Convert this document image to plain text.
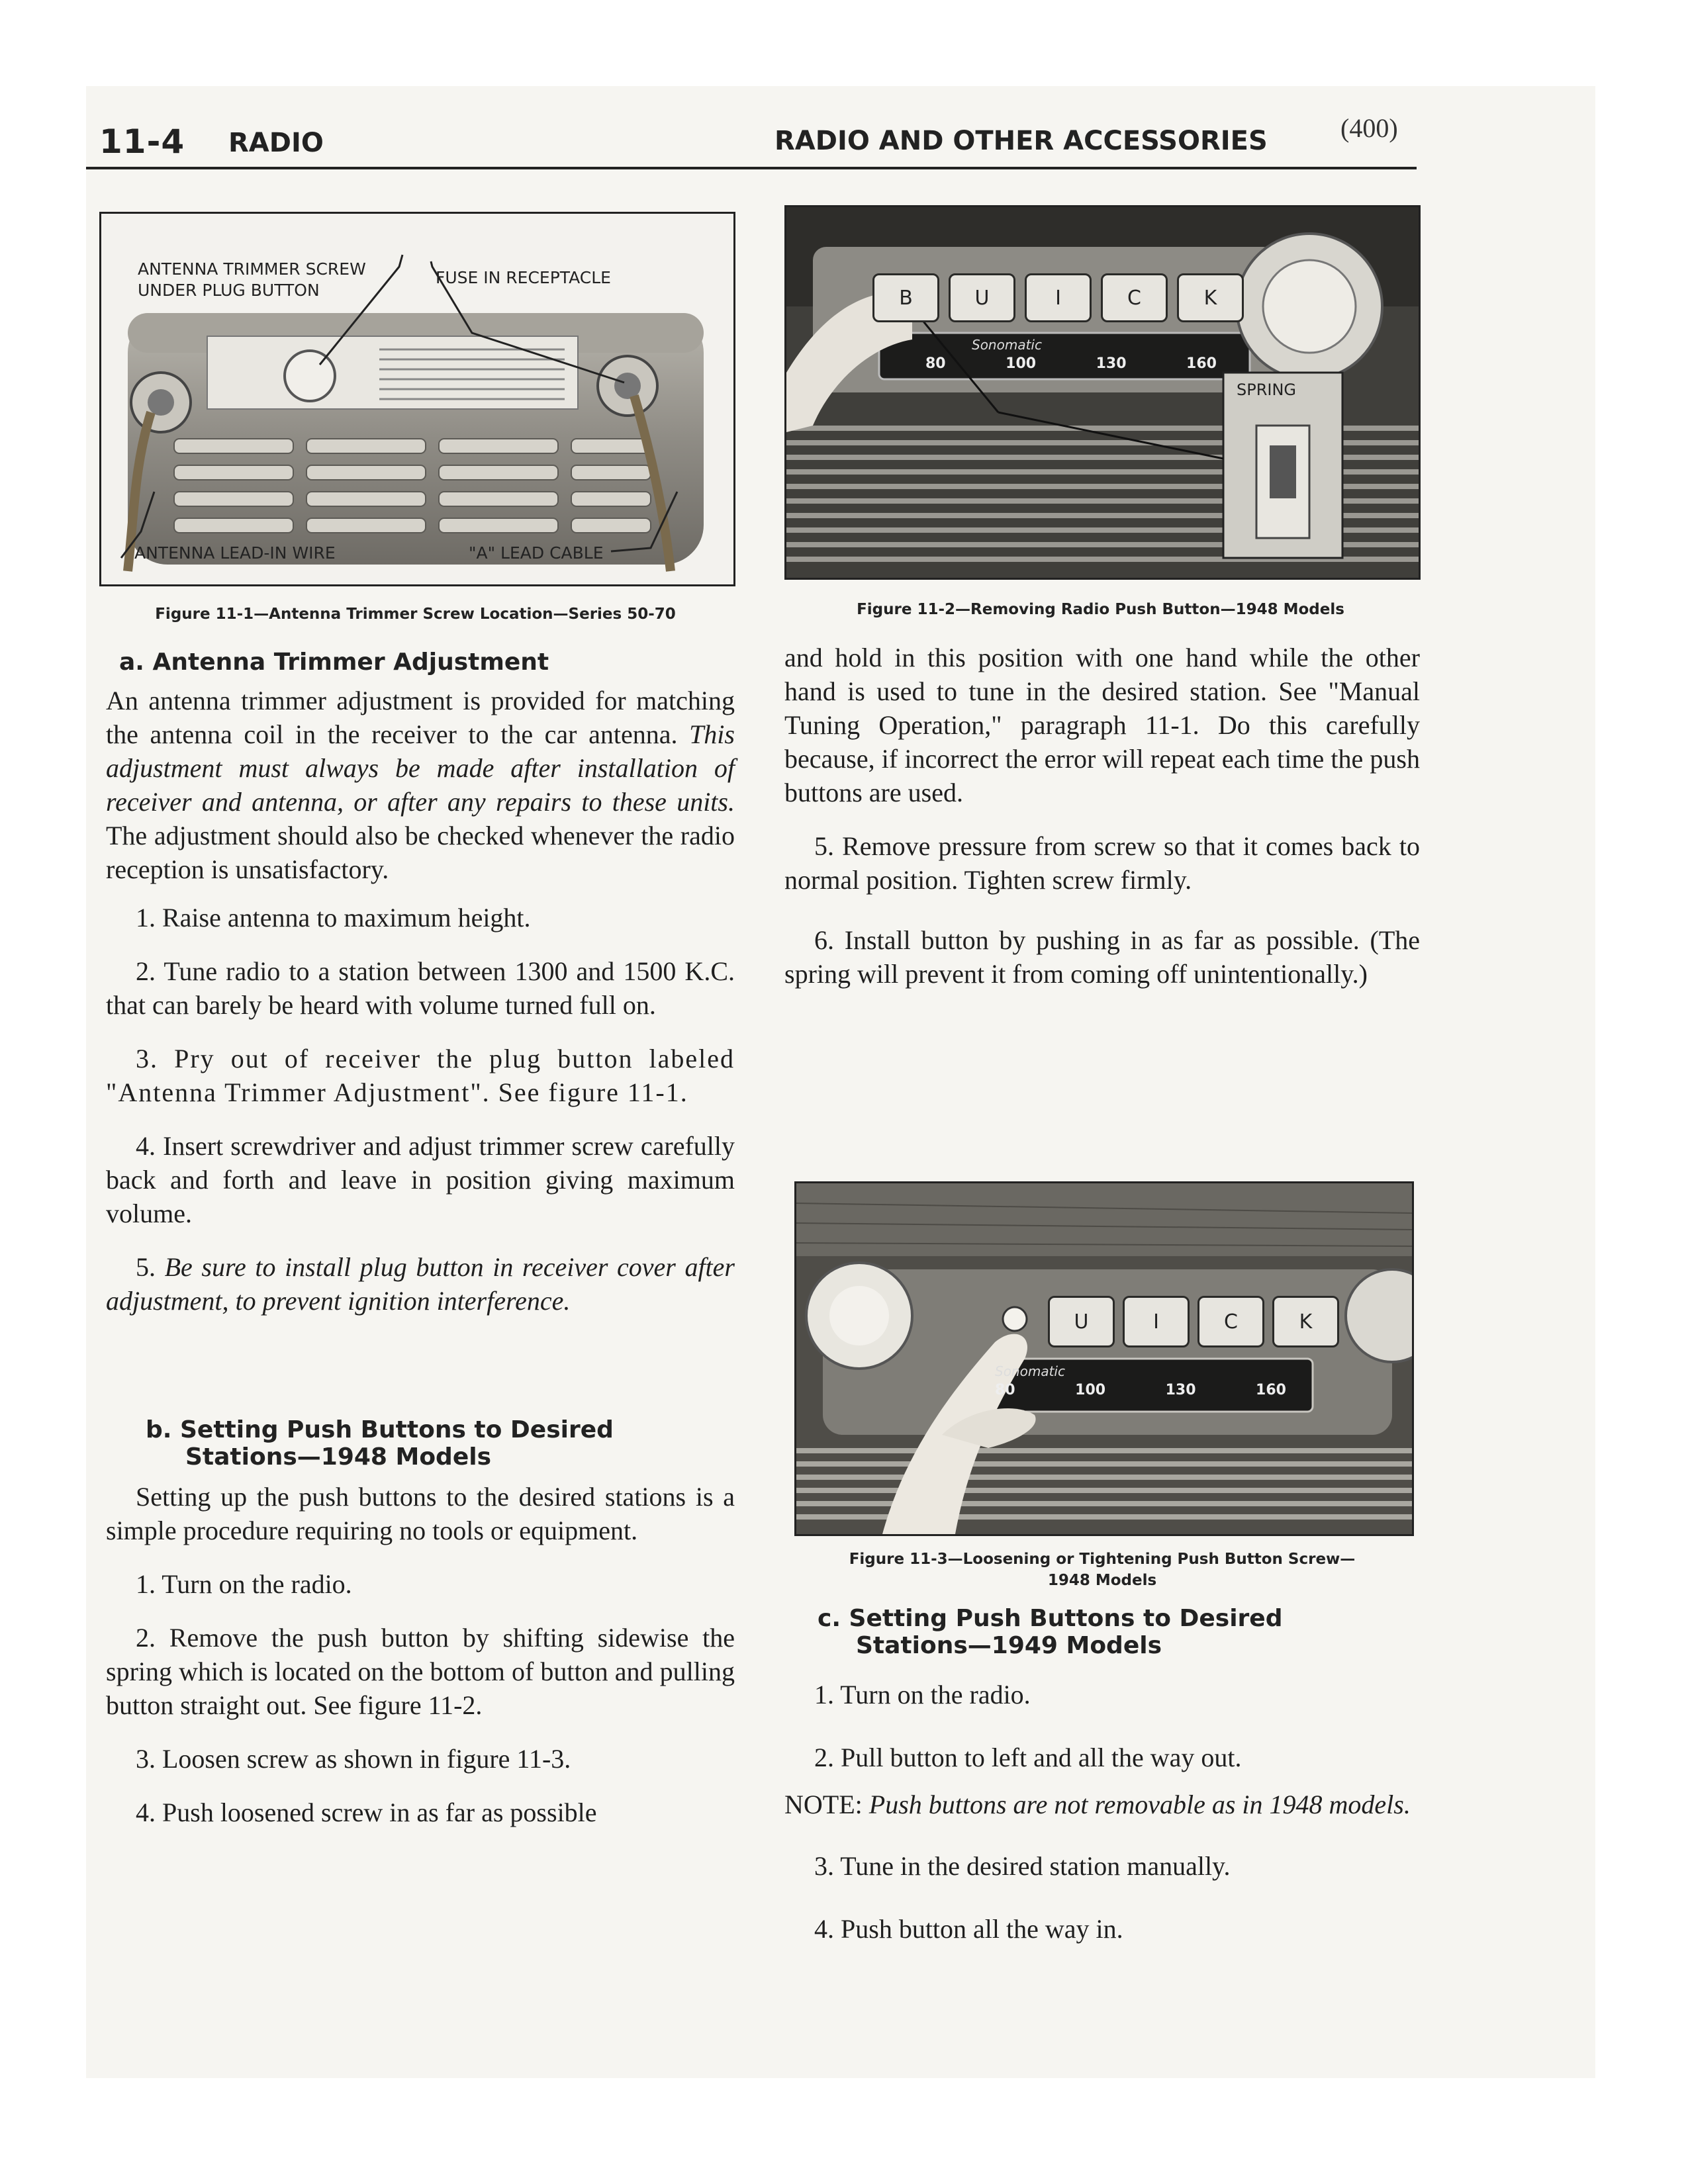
11-4 RADIO	RADIO AND OTHER ACCESSORIES	(400)
ANTENNA TRIMMER SCREW
UNDER PLUG BUTTON
FUSE IN RECEPTACLE
ANTENNA LEAD-IN WIRE	"A" LEAD CABLE
Figure 11-1—Antenna Trimmer Screw Location—Series 50-70
a. Antenna Trimmer Adjustment

An antenna trimmer adjustment is provided for matching the antenna coil in the receiver to the car antenna. This adjustment must always be made after installation of receiver and antenna, or after any repairs to these units. The adjustment should also be checked whenever the radio reception is unsatisfactory.

1. Raise antenna to maximum height.

2. Tune radio to a station between 1300 and 1500 K.C. that can barely be heard with volume turned full on.

3. Pry out of receiver the plug button labeled "Antenna Trimmer Adjustment". See figure 11-1.

4. Insert screwdriver and adjust trimmer screw carefully back and forth and leave in position giving maximum volume.

5. Be sure to install plug button in receiver cover after adjustment, to prevent ignition interference.

b. Setting Push Buttons to Desired
Stations—1948 Models

Setting up the push buttons to the desired stations is a simple procedure requiring no tools or equipment.

1. Turn on the radio.

2. Remove the push button by shifting sidewise the spring which is located on the bottom of button and pulling button straight out. See figure 11-2.

3. Loosen screw as shown in figure 11-3.

4. Push loosened screw in as far as possible

B	U	I	C	K
Sonomatic
80	100	130	160
SPRING
Figure 11-2—Removing Radio Push Button—1948 Models

and hold in this position with one hand while the other hand is used to tune in the desired station. See "Manual Tuning Operation," paragraph 11-1. Do this carefully because, if incorrect the error will repeat each time the push buttons are used.

5. Remove pressure from screw so that it comes back to normal position. Tighten screw firmly.

6. Install button by pushing in as far as possible. (The spring will prevent it from coming off unintentionally.)

U	I	C	K
Sonomatic
80	100	130	160
Figure 11-3—Loosening or Tightening Push Button Screw—
1948 Models
c. Setting Push Buttons to Desired
Stations—1949 Models

1. Turn on the radio.

2. Pull button to left and all the way out.

NOTE: Push buttons are not removable as in 1948 models.

3. Tune in the desired station manually.

4. Push button all the way in.
